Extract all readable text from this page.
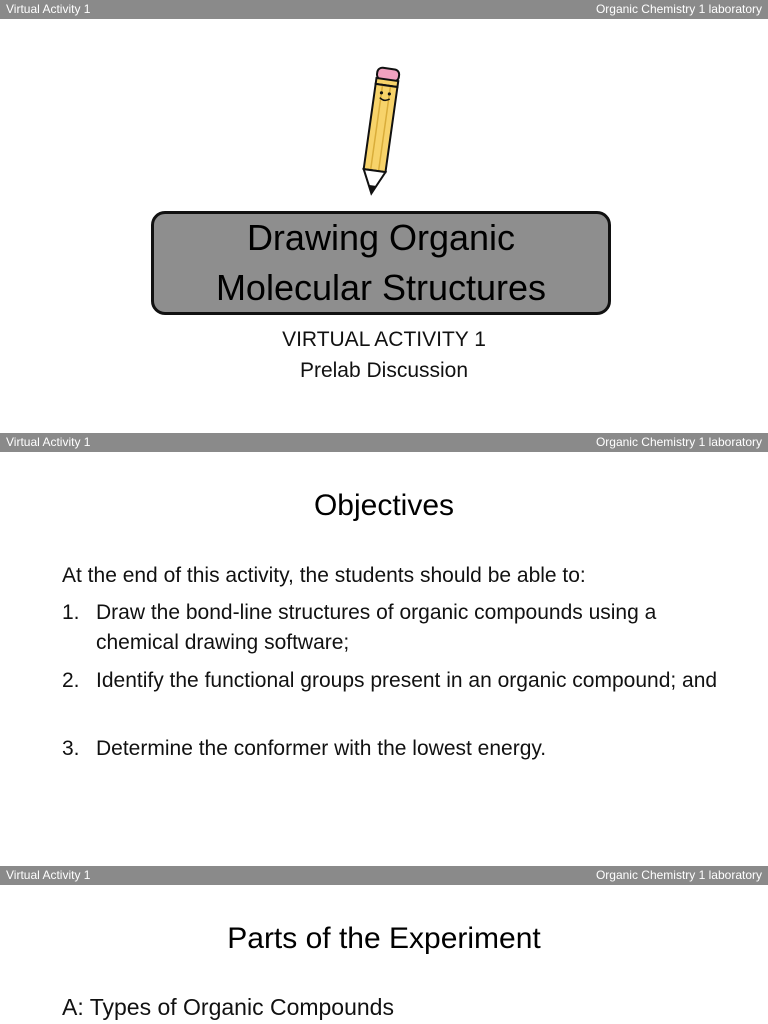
Virtual Activity 1	Organic Chemistry 1 laboratory
Drawing Organic
Molecular Structures
VIRTUAL ACTIVITY 1
Prelab Discussion
Virtual Activity 1	Organic Chemistry 1 laboratory
Objectives
At the end of this activity, the students should be able to:
1. Draw the bond-line structures of organic compounds using a chemical drawing software;
2. Identify the functional groups present in an organic compound; and
3. Determine the conformer with the lowest energy.
Virtual Activity 1	Organic Chemistry 1 laboratory
Parts of the Experiment
A: Types of Organic Compounds
